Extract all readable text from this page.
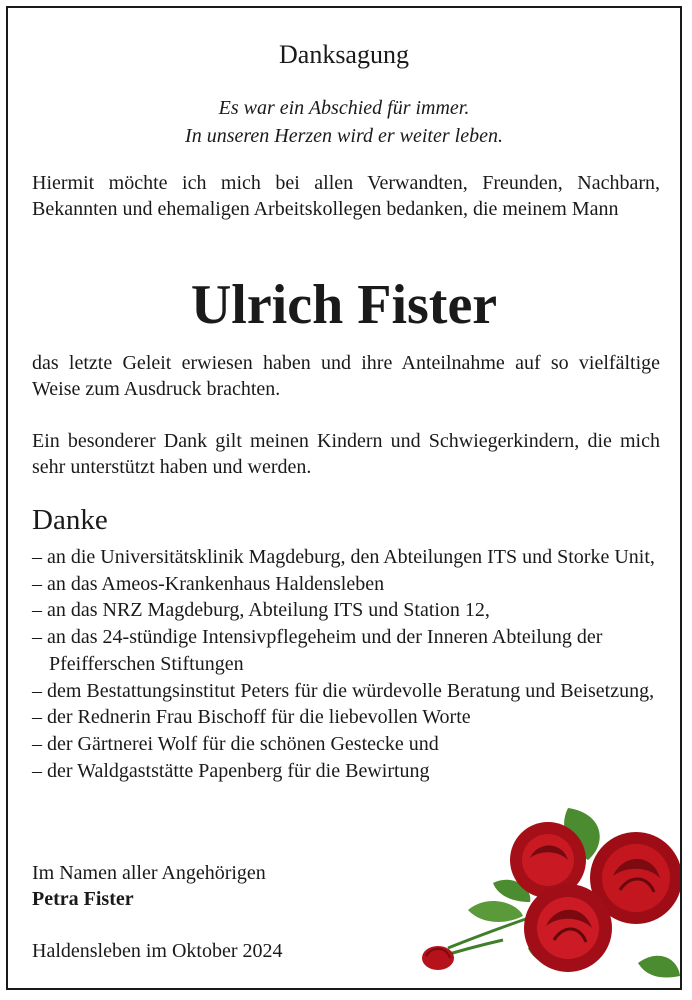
Danksagung
Es war ein Abschied für immer.
In unseren Herzen wird er weiter leben.
Hiermit möchte ich mich bei allen Verwandten, Freunden, Nachbarn, Bekannten und ehemaligen Arbeitskollegen bedanken, die meinem Mann
Ulrich Fister
das letzte Geleit erwiesen haben und ihre Anteilnahme auf so vielfältige Weise zum Ausdruck brachten.
Ein besonderer Dank gilt meinen Kindern und Schwiegerkindern, die mich sehr unterstützt haben und werden.
Danke
– an die Universitätsklinik Magdeburg, den Abteilungen ITS und Storke Unit,
– an das Ameos-Krankenhaus Haldensleben
– an das NRZ Magdeburg, Abteilung ITS und Station 12,
– an das 24-stündige Intensivpflegeheim und der Inneren Abteilung der Pfeifferschen Stiftungen
– dem Bestattungsinstitut Peters für die würdevolle Beratung und Beisetzung,
– der Rednerin Frau Bischoff für die liebevollen Worte
– der Gärtnerei Wolf für die schönen Gestecke und
– der Waldgaststätte Papenberg für die Bewirtung
Im Namen aller Angehörigen
Petra Fister
Haldensleben im Oktober 2024
